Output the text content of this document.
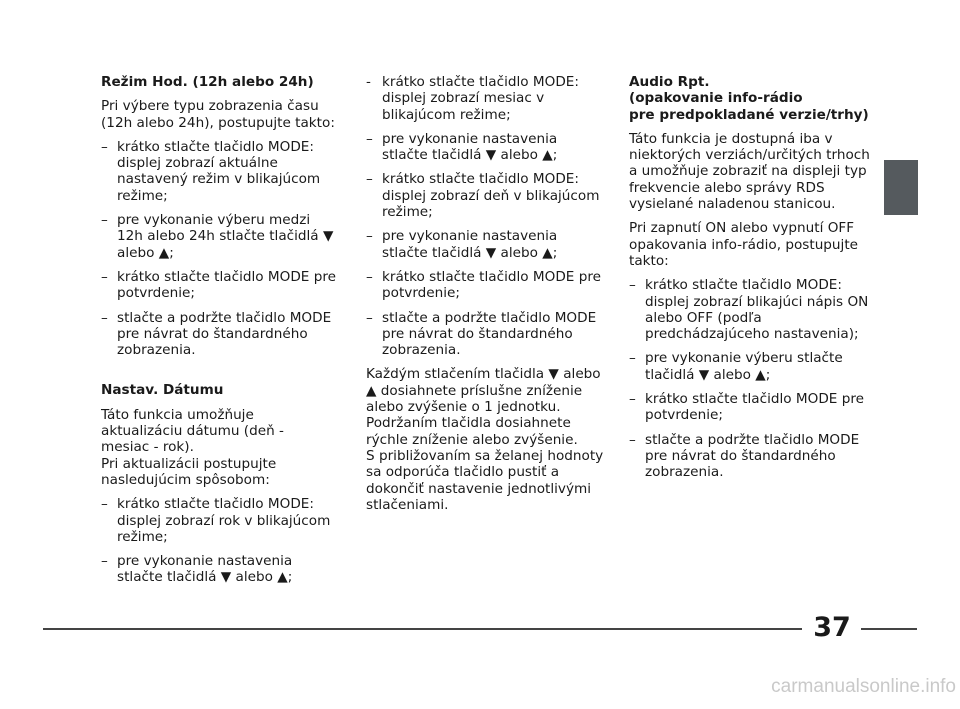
Režim Hod. (12h alebo 24h)

Pri výbere typu zobrazenia času (12h alebo 24h), postupujte takto:

– krátko stlačte tlačidlo MODE: displej zobrazí aktuálne nastavený režim v blikajúcom režime;
– pre vykonanie výberu medzi 12h alebo 24h stlačte tlačidlá ▼ alebo ▲;
– krátko stlačte tlačidlo MODE pre potvrdenie;
– stlačte a podržte tlačidlo MODE pre návrat do štandardného zobrazenia.
Nastav. Dátumu

Táto funkcia umožňuje aktualizáciu dátumu (deň - mesiac - rok).

Pri aktualizácii postupujte nasledujúcim spôsobom:

– krátko stlačte tlačidlo MODE: displej zobrazí rok v blikajúcom režime;
– pre vykonanie nastavenia stlačte tlačidlá ▼ alebo ▲;
- krátko stlačte tlačidlo MODE: displej zobrazí mesiac v blikajúcom režime;
– pre vykonanie nastavenia stlačte tlačidlá ▼ alebo ▲;
– krátko stlačte tlačidlo MODE: displej zobrazí deň v blikajúcom režime;
– pre vykonanie nastavenia stlačte tlačidlá ▼ alebo ▲;
– krátko stlačte tlačidlo MODE pre potvrdenie;
– stlačte a podržte tlačidlo MODE pre návrat do štandardného zobrazenia.

Každým stlačením tlačidla ▼ alebo ▲ dosiahnete príslušne zníženie alebo zvýšenie o 1 jednotku.

Podržaním tlačidla dosiahnete rýchle zníženie alebo zvýšenie.

S približovaním sa želanej hodnoty sa odporúča tlačidlo pustiť a dokončiť nastavenie jednotlivými stlačeniami.

Audio Rpt.
(opakovanie info-rádio
pre predpokladané verzie/trhy)

Táto funkcia je dostupná iba v niektorých verziách/určitých trhoch a umožňuje zobraziť na displeji typ frekvencie alebo správy RDS vysielané naladenou stanicou.

Pri zapnutí ON alebo vypnutí OFF opakovania info-rádio, postupujte takto:

– krátko stlačte tlačidlo MODE: displej zobrazí blikajúci nápis ON alebo OFF (podľa predchádzajúceho nastavenia);
– pre vykonanie výberu stlačte tlačidlá ▼ alebo ▲;
– krátko stlačte tlačidlo MODE pre potvrdenie;
– stlačte a podržte tlačidlo MODE pre návrat do štandardného zobrazenia.
37
carmanualsonline.info
